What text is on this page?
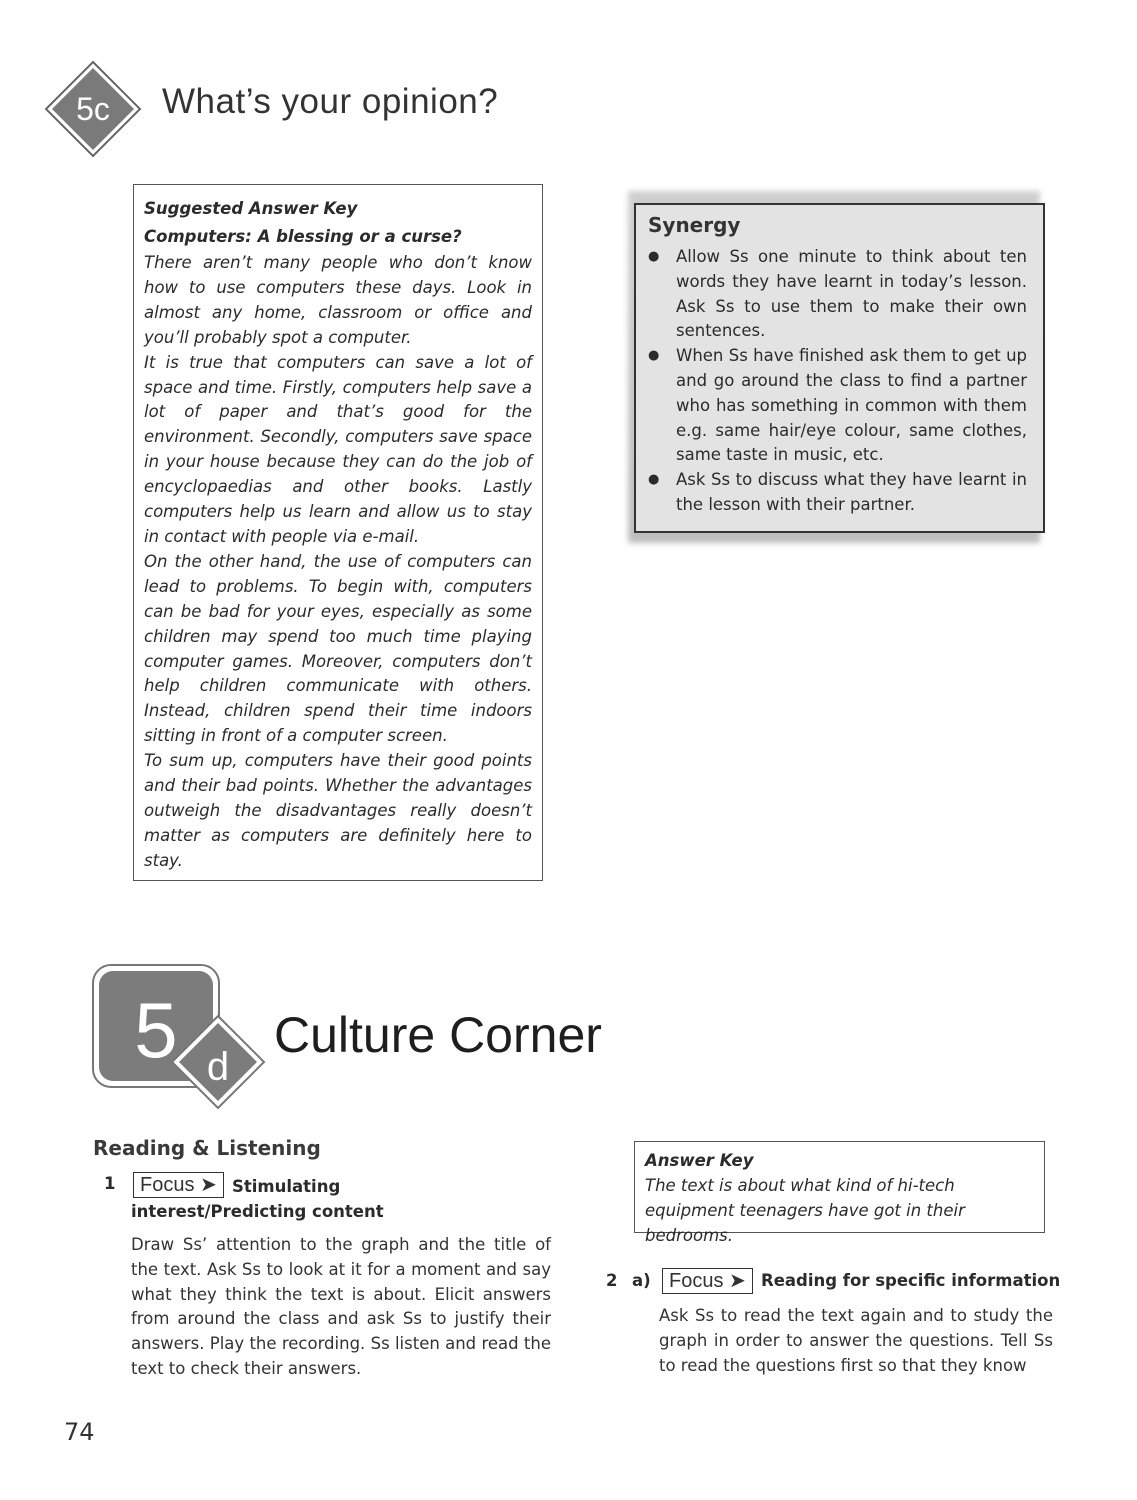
5c What’s your opinion?
Suggested Answer Key
Computers: A blessing or a curse?

There aren’t many people who don’t know how to use computers these days. Look in almost any home, classroom or office and you’ll probably spot a computer.

It is true that computers can save a lot of space and time. Firstly, computers help save a lot of paper and that’s good for the environment. Secondly, computers save space in your house because they can do the job of encyclopaedias and other books. Lastly computers help us learn and allow us to stay in contact with people via e-mail.

On the other hand, the use of computers can lead to problems. To begin with, computers can be bad for your eyes, especially as some children may spend too much time playing computer games. Moreover, computers don’t help children communicate with others. Instead, children spend their time indoors sitting in front of a computer screen.

To sum up, computers have their good points and their bad points. Whether the advantages outweigh the disadvantages really doesn’t matter as computers are definitely here to stay.

Synergy
● Allow Ss one minute to think about ten words they have learnt in today’s lesson. Ask Ss to use them to make their own sentences.
● When Ss have finished ask them to get up and go around the class to find a partner who has something in common with them e.g. same hair/eye colour, same clothes, same taste in music, etc.
● Ask Ss to discuss what they have learnt in the lesson with their partner.
5 d
Culture Corner
Reading & Listening
1	Focus ➤ Stimulating interest/Predicting content
Draw Ss’ attention to the graph and the title of the text. Ask Ss to look at it for a moment and say what they think the text is about. Elicit answers from around the class and ask Ss to justify their answers. Play the recording. Ss listen and read the text to check their answers.
Answer Key

The text is about what kind of hi-tech equipment teenagers have got in their bedrooms.

2 a) Focus ➤ Reading for specific information
Ask Ss to read the text again and to study the graph in order to answer the questions. Tell Ss to read the questions first so that they know
74
